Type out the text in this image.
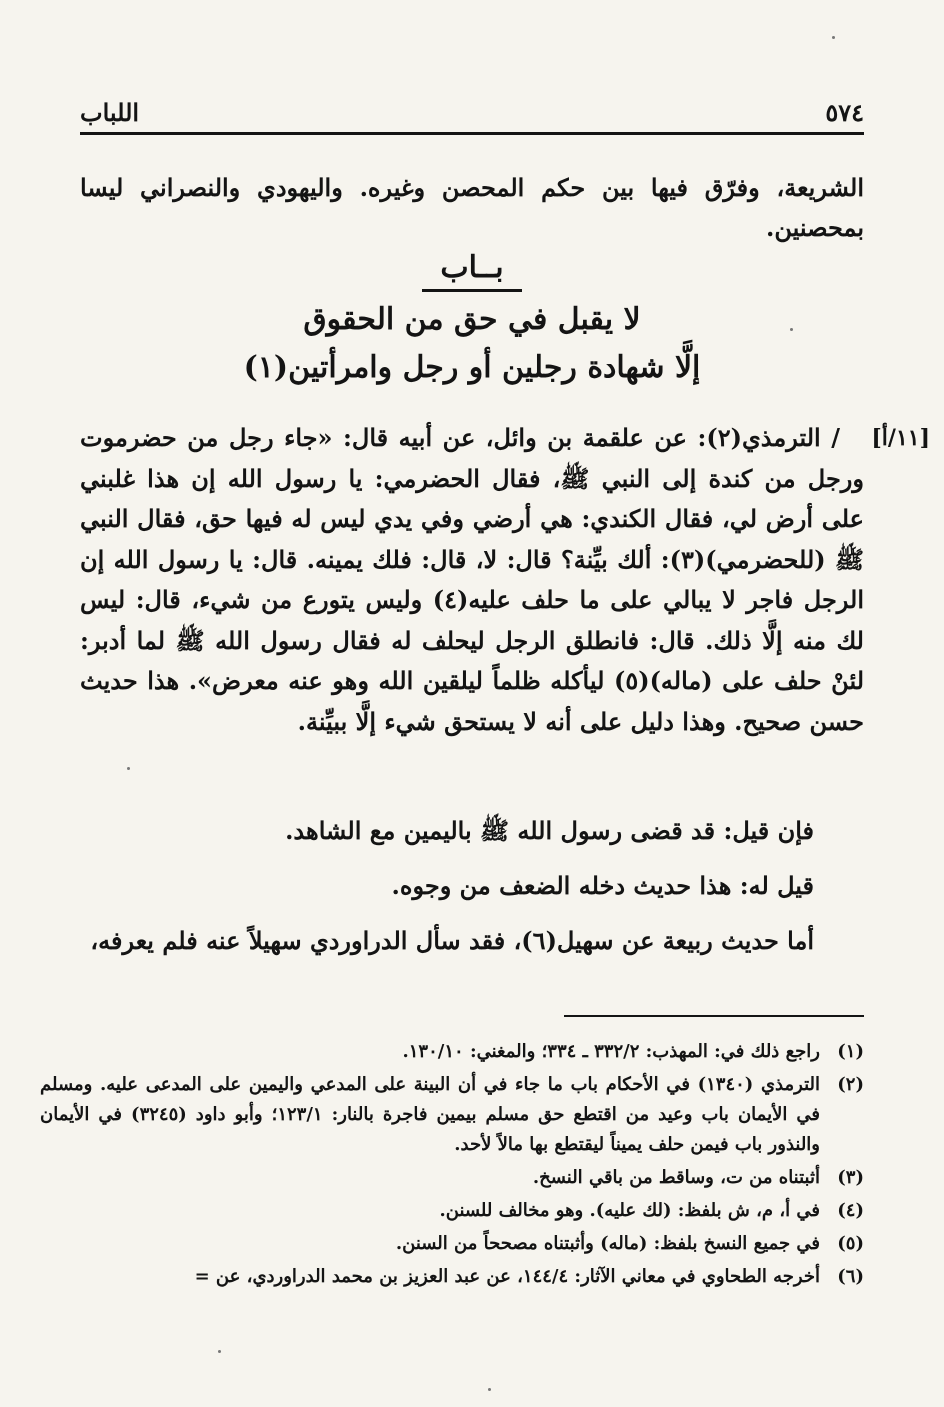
٥٧٤
اللباب
الشريعة، وفرّق فيها بين حكم المحصن وغيره. واليهودي والنصراني ليسا بمحصنين.
بــاب
لا يقبل في حق من الحقوق
إلَّا شهادة رجلين أو رجل وامرأتين(١)
[١١/أ]

/ الترمذي(٢): عن علقمة بن وائل، عن أبيه قال: «جاء رجل من حضرموت ورجل من كندة إلى النبي ﷺ، فقال الحضرمي: يا رسول الله إن هذا غلبني على أرض لي، فقال الكندي: هي أرضي وفي يدي ليس له فيها حق، فقال النبي ﷺ (للحضرمي)(٣): ألك بيِّنة؟ قال: لا، قال: فلك يمينه. قال: يا رسول الله إن الرجل فاجر لا يبالي على ما حلف عليه(٤) وليس يتورع من شيء، قال: ليس لك منه إلَّا ذلك. قال: فانطلق الرجل ليحلف له فقال رسول الله ﷺ لما أدبر: لئنْ حلف على (ماله)(٥) ليأكله ظلماً ليلقين الله وهو عنه معرض». هذا حديث حسن صحيح. وهذا دليل على أنه لا يستحق شيء إلَّا ببيِّنة.

فإن قيل: قد قضى رسول الله ﷺ باليمين مع الشاهد.

قيل له: هذا حديث دخله الضعف من وجوه.

أما حديث ربيعة عن سهيل(٦)، فقد سأل الدراوردي سهيلاً عنه فلم يعرفه،

(١)
راجع ذلك في: المهذب: ٣٣٢/٢ ـ ٣٣٤؛ والمغني: ١٣٠/١٠.
(٢)
الترمذي (١٣٤٠) في الأحكام باب ما جاء في أن البينة على المدعي واليمين على المدعى عليه. ومسلم في الأيمان باب وعيد من اقتطع حق مسلم بيمين فاجرة بالنار: ١٢٣/١؛ وأبو داود (٣٢٤٥) في الأيمان والنذور باب فيمن حلف يميناً ليقتطع بها مالاً لأحد.
(٣)
أثبتناه من ت، وساقط من باقي النسخ.
(٤)
في أ، م، ش بلفظ: (لك عليه). وهو مخالف للسنن.
(٥)
في جميع النسخ بلفظ: (ماله) وأثبتناه مصححاً من السنن.
(٦)
أخرجه الطحاوي في معاني الآثار: ١٤٤/٤، عن عبد العزيز بن محمد الدراوردي، عن =
